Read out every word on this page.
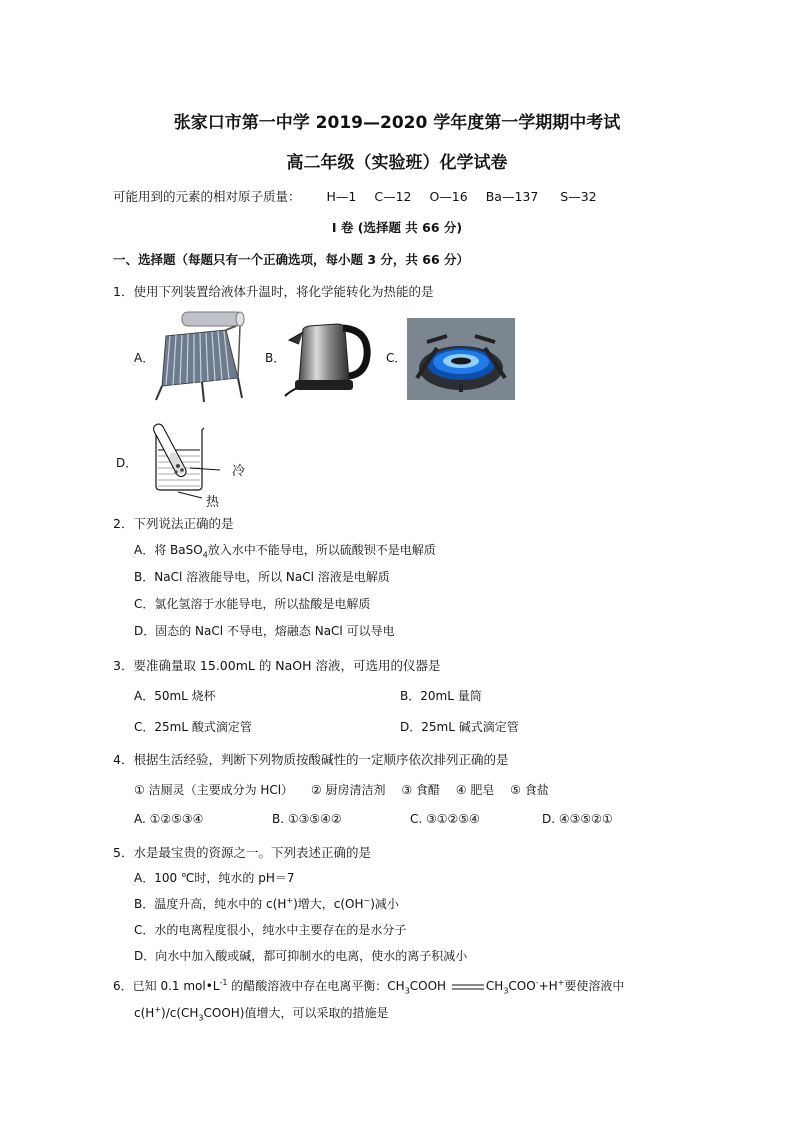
张家口市第一中学 2019—2020 学年度第一学期期中考试
高二年级（实验班）化学试卷
可能用到的元素的相对原子质量： H—1 C—12 O—16 Ba—137 S—32
Ⅰ 卷 (选择题 共 66 分)
一、选择题（每题只有一个正确选项，每小题 3 分，共 66 分）
1．使用下列装置给液体升温时，将化学能转化为热能的是
A．	B．	C．
D．
冷
热
2．下列说法正确的是
A．将 BaSO$_4$放入水中不能导电，所以硫酸钡不是电解质
B．NaCl 溶液能导电，所以 NaCl 溶液是电解质
C．氯化氢溶于水能导电，所以盐酸是电解质
D．固态的 NaCl 不导电，熔融态 NaCl 可以导电
3．要准确量取 15.00mL 的 NaOH 溶液，可选用的仪器是
A．50mL 烧杯	B．20mL 量筒
C．25mL 酸式滴定管	D．25mL 碱式滴定管
4．根据生活经验，判断下列物质按酸碱性的一定顺序依次排列正确的是
① 洁厕灵（主要成分为 HCl） ② 厨房清洁剂 ③ 食醋 ④ 肥皂 ⑤ 食盐
A. ①②⑤③④	B. ①③⑤④②	C. ③①②⑤④	D. ④③⑤②①
5．水是最宝贵的资源之一。下列表述正确的是
A．100 ℃时，纯水的 pH＝7
B．温度升高，纯水中的 c(H+)增大，c(OH−)减小
C．水的电离程度很小，纯水中主要存在的是水分子
D．向水中加入酸或碱，都可抑制水的电离，使水的离子积减小
6．已知 0.1 $mol•L^{-1}$ 的醋酸溶液中存在电离平衡：$CH_3COOH$	$CH_3COO^-+H^+$要使溶液中
$c(H^+)/c(CH_3COOH)$值增大，可以采取的措施是
